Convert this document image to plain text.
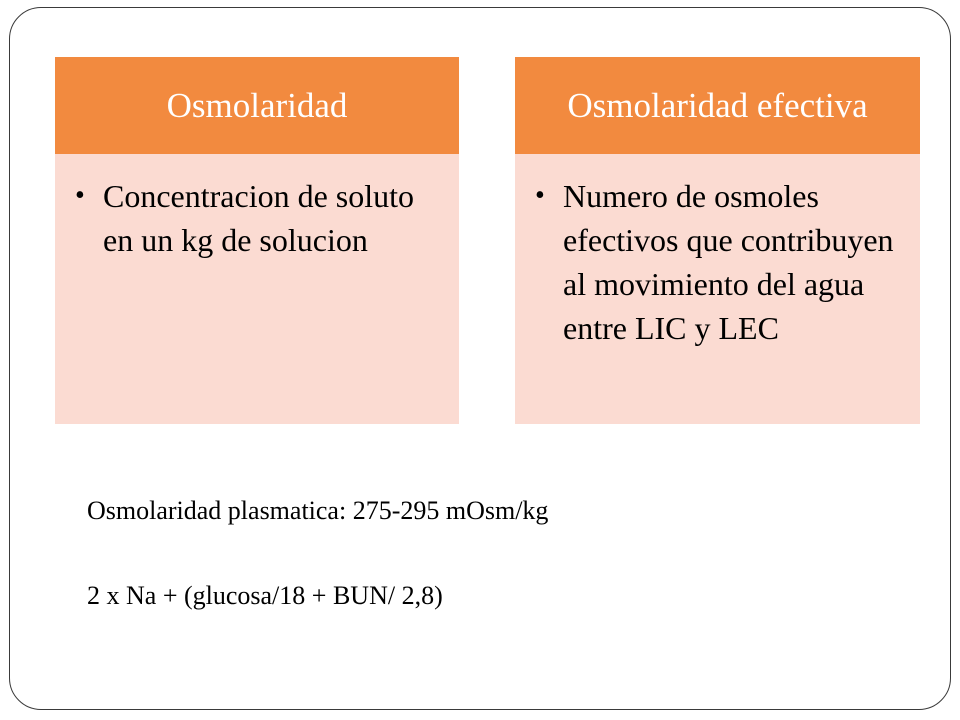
Osmolaridad
• Concentracion de soluto en un kg de solucion
Osmolaridad efectiva
• Numero de osmoles efectivos que contribuyen al movimiento del agua entre LIC y LEC
Osmolaridad plasmatica: 275-295 mOsm/kg
2 x Na + (glucosa/18 + BUN/ 2,8)
